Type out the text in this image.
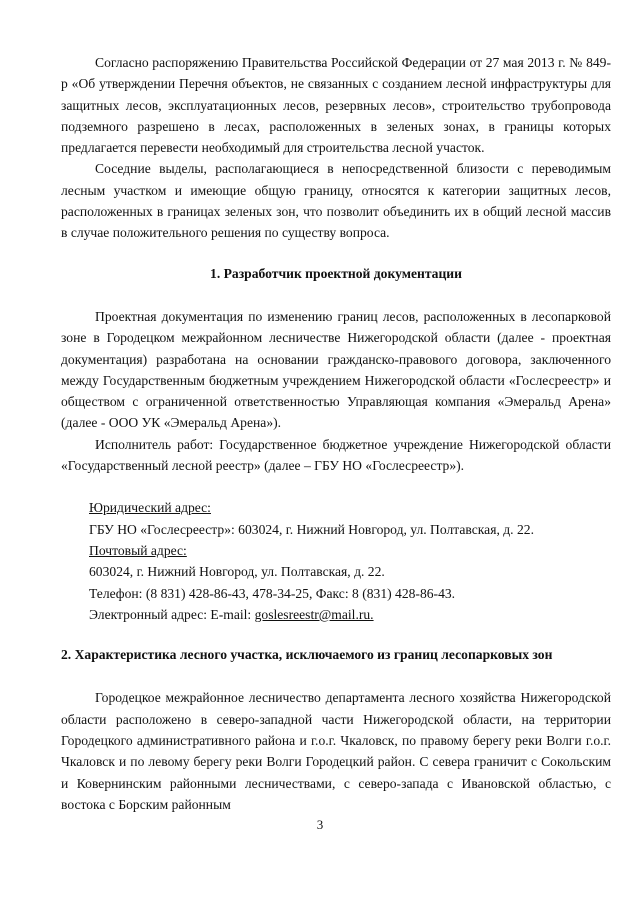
Согласно распоряжению Правительства Российской Федерации от 27 мая 2013 г. № 849-р «Об утверждении Перечня объектов, не связанных с созданием лесной инфраструктуры для защитных лесов, эксплуатационных лесов, резервных лесов», строительство трубопровода подземного разрешено в лесах, расположенных в зеленых зонах, в границы которых предлагается перевести необходимый для строительства лесной участок.

Соседние выделы, располагающиеся в непосредственной близости с переводимым лесным участком и имеющие общую границу, относятся к категории защитных лесов, расположенных в границах зеленых зон, что позволит объединить их в общий лесной массив в случае положительного решения по существу вопроса.

1. Разработчик проектной документации

Проектная документация по изменению границ лесов, расположенных в лесопарковой зоне в Городецком межрайонном лесничестве Нижегородской области (далее - проектная документация) разработана на основании гражданско-правового договора, заключенного между Государственным бюджетным учреждением Нижегородской области «Гослесреестр» и обществом с ограниченной ответственностью Управляющая компания «Эмеральд Арена» (далее - ООО УК «Эмеральд Арена»).

Исполнитель работ: Государственное бюджетное учреждение Нижегородской области «Государственный лесной реестр» (далее – ГБУ НО «Гослесреестр»).

Юридический адрес:

ГБУ НО «Гослесреестр»: 603024, г. Нижний Новгород, ул. Полтавская, д. 22.

Почтовый адрес:

603024, г. Нижний Новгород, ул. Полтавская, д. 22.

Телефон: (8 831) 428-86-43, 478-34-25, Факс: 8 (831) 428-86-43.

Электронный адрес: E-mail: goslesreestr@mail.ru.

2. Характеристика лесного участка, исключаемого из границ лесопарковых зон

Городецкое межрайонное лесничество департамента лесного хозяйства Нижегородской области расположено в северо-западной части Нижегородской области, на территории Городецкого административного района и г.о.г. Чкаловск, по правому берегу реки Волги г.о.г. Чкаловск и по левому берегу реки Волги Городецкий район. С севера граничит с Сокольским и Ковернинским районными лесничествами, с северо-запада с Ивановской областью, с востока с Борским районным

3
